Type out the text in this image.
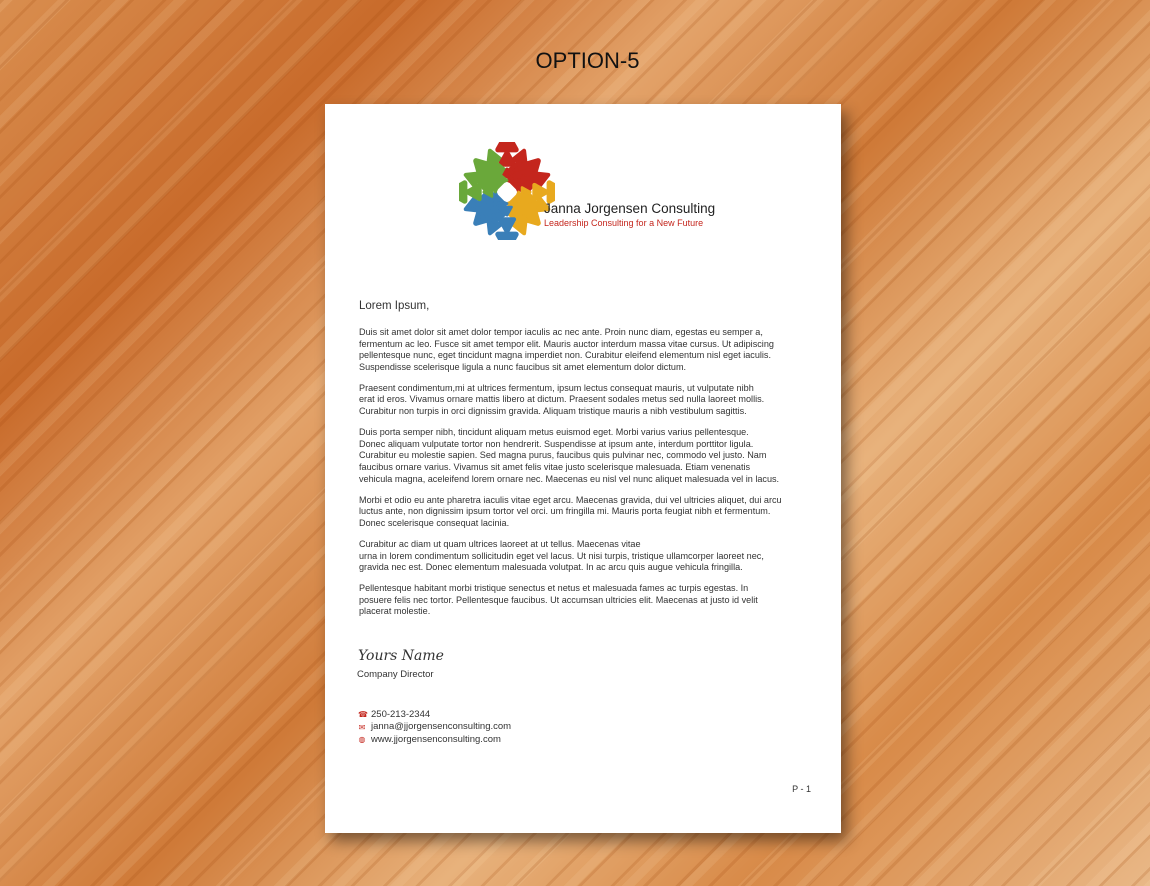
OPTION-5
Janna Jorgensen Consulting
Leadership Consulting for a New Future
Lorem Ipsum,
Duis sit amet dolor sit amet dolor tempor iaculis ac nec ante. Proin nunc diam, egestas eu semper a,
fermentum ac leo. Fusce sit amet tempor elit. Mauris auctor interdum massa vitae cursus. Ut adipiscing
pellentesque nunc, eget tincidunt magna imperdiet non. Curabitur eleifend elementum nisl eget iaculis.
Suspendisse scelerisque ligula a nunc faucibus sit amet elementum dolor dictum.
Praesent condimentum,mi at ultrices fermentum, ipsum lectus consequat mauris, ut vulputate nibh
erat id eros. Vivamus ornare mattis libero at dictum. Praesent sodales metus sed nulla laoreet mollis.
Curabitur non turpis in orci dignissim gravida. Aliquam tristique mauris a nibh vestibulum sagittis.
Duis porta semper nibh, tincidunt aliquam metus euismod eget. Morbi varius varius pellentesque.
Donec aliquam vulputate tortor non hendrerit. Suspendisse at ipsum ante, interdum porttitor ligula.
Curabitur eu molestie sapien. Sed magna purus, faucibus quis pulvinar nec, commodo vel justo. Nam
faucibus ornare varius. Vivamus sit amet felis vitae justo scelerisque malesuada. Etiam venenatis
vehicula magna, aceleifend lorem ornare nec. Maecenas eu nisl vel nunc aliquet malesuada vel in lacus.
Morbi et odio eu ante pharetra iaculis vitae eget arcu. Maecenas gravida, dui vel ultricies aliquet, dui arcu
luctus ante, non dignissim ipsum tortor vel orci. um fringilla mi. Mauris porta feugiat nibh et fermentum.
Donec scelerisque consequat lacinia.
Curabitur ac diam ut quam ultrices laoreet at ut tellus. Maecenas vitae
urna in lorem condimentum sollicitudin eget vel lacus. Ut nisi turpis, tristique ullamcorper laoreet nec,
gravida nec est. Donec elementum malesuada volutpat. In ac arcu quis augue vehicula fringilla.
Pellentesque habitant morbi tristique senectus et netus et malesuada fames ac turpis egestas. In
posuere felis nec tortor. Pellentesque faucibus. Ut accumsan ultricies elit. Maecenas at justo id velit
placerat molestie.
Yours Name
Company Director
☎ 250-213-2344
✉ janna@jjorgensenconsulting.com
◍ www.jjorgensenconsulting.com
P - 1
